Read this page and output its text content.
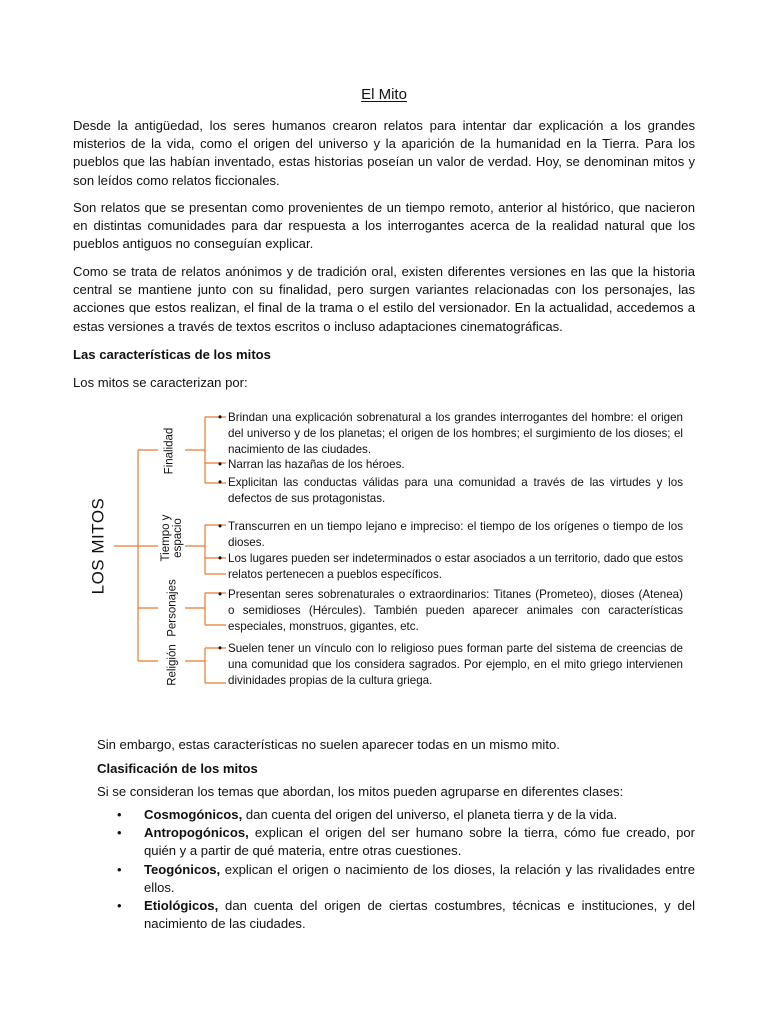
El Mito

Desde la antigüedad, los seres humanos crearon relatos para intentar dar explicación a los grandes misterios de la vida, como el origen del universo y la aparición de la humanidad en la Tierra. Para los pueblos que las habían inventado, estas historias poseían un valor de verdad. Hoy, se denominan mitos y son leídos como relatos ficcionales.

Son relatos que se presentan como provenientes de un tiempo remoto, anterior al histórico, que nacieron en distintas comunidades para dar respuesta a los interrogantes acerca de la realidad natural que los pueblos antiguos no conseguían explicar.

Como se trata de relatos anónimos y de tradición oral, existen diferentes versiones en las que la historia central se mantiene junto con su finalidad, pero surgen variantes relacionadas con los personajes, las acciones que estos realizan, el final de la trama o el estilo del versionador. En la actualidad, accedemos a estas versiones a través de textos escritos o incluso adaptaciones cinematográficas.

Las características de los mitos

Los mitos se caracterizan por:

LOS MITOS
Finalidad
Tiempo y
espacio
Personajes
Religión

• Brindan una explicación sobrenatural a los grandes interrogantes del hombre: el origen del universo y de los planetas; el origen de los hombres; el surgimiento de los dioses; el nacimiento de las ciudades.

• Narran las hazañas de los héroes.

• Explicitan las conductas válidas para una comunidad a través de las virtudes y los defectos de sus protagonistas.

• Transcurren en un tiempo lejano e impreciso: el tiempo de los orígenes o tiempo de los dioses.

• Los lugares pueden ser indeterminados o estar asociados a un territorio, dado que estos relatos pertenecen a pueblos específicos.

• Presentan seres sobrenaturales o extraordinarios: Titanes (Prometeo), dioses (Atenea) o semidioses (Hércules). También pueden aparecer animales con características especiales, monstruos, gigantes, etc.

• Suelen tener un vínculo con lo religioso pues forman parte del sistema de creencias de una comunidad que los considera sagrados. Por ejemplo, en el mito griego intervienen divinidades propias de la cultura griega.

Sin embargo, estas características no suelen aparecer todas en un mismo mito.

Clasificación de los mitos

Si se consideran los temas que abordan, los mitos pueden agruparse en diferentes clases:

• Cosmogónicos, dan cuenta del origen del universo, el planeta tierra y de la vida.
• Antropogónicos, explican el origen del ser humano sobre la tierra, cómo fue creado, por quién y a partir de qué materia, entre otras cuestiones.
• Teogónicos, explican el origen o nacimiento de los dioses, la relación y las rivalidades entre ellos.
• Etiológicos, dan cuenta del origen de ciertas costumbres, técnicas e instituciones, y del nacimiento de las ciudades.
